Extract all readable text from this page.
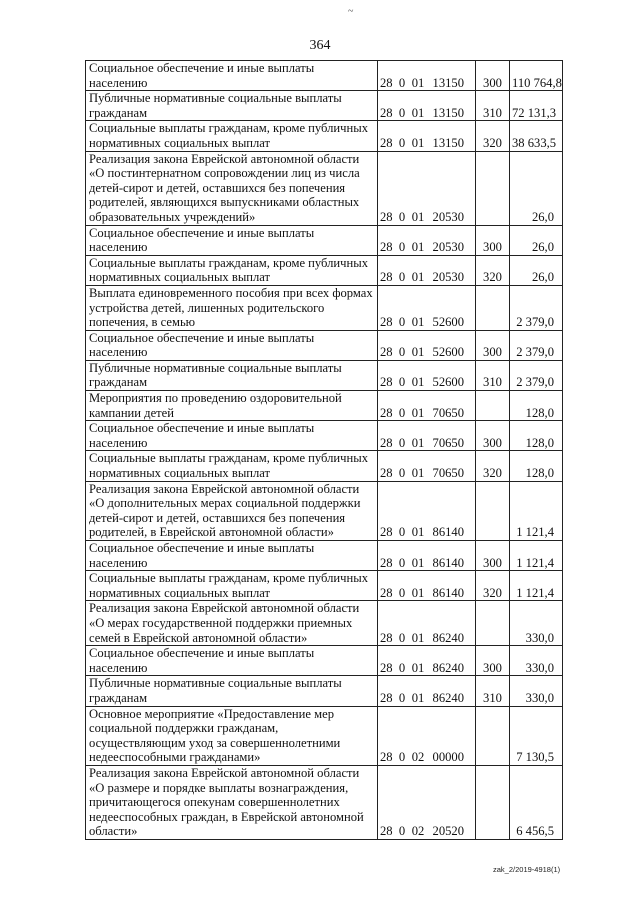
~
364
Социальное обеспечение и иные выплаты населению	28 0 01 13150	300	110 764,8
Публичные нормативные социальные выплаты гражданам	28 0 01 13150	310	72 131,3
Социальные выплаты гражданам, кроме публичных нормативных социальных выплат	28 0 01 13150	320	38 633,5
Реализация закона Еврейской автономной области «О постинтернатном сопровождении лиц из числа детей-сирот и детей, оставшихся без попечения родителей, являющихся выпускниками областных образовательных учреждений»	28 0 01 20530		26,0
Социальное обеспечение и иные выплаты населению	28 0 01 20530	300	26,0
Социальные выплаты гражданам, кроме публичных нормативных социальных выплат	28 0 01 20530	320	26,0
Выплата единовременного пособия при всех формах устройства детей, лишенных родительского попечения, в семью	28 0 01 52600		2 379,0
Социальное обеспечение и иные выплаты населению	28 0 01 52600	300	2 379,0
Публичные нормативные социальные выплаты гражданам	28 0 01 52600	310	2 379,0
Мероприятия по проведению оздоровительной кампании детей	28 0 01 70650		128,0
Социальное обеспечение и иные выплаты населению	28 0 01 70650	300	128,0
Социальные выплаты гражданам, кроме публичных нормативных социальных выплат	28 0 01 70650	320	128,0
Реализация закона Еврейской автономной области «О дополнительных мерах социальной поддержки детей-сирот и детей, оставшихся без попечения родителей, в Еврейской автономной области»	28 0 01 86140		1 121,4
Социальное обеспечение и иные выплаты населению	28 0 01 86140	300	1 121,4
Социальные выплаты гражданам, кроме публичных нормативных социальных выплат	28 0 01 86140	320	1 121,4
Реализация закона Еврейской автономной области «О мерах государственной поддержки приемных семей в Еврейской автономной области»	28 0 01 86240		330,0
Социальное обеспечение и иные выплаты населению	28 0 01 86240	300	330,0
Публичные нормативные социальные выплаты гражданам	28 0 01 86240	310	330,0
Основное мероприятие «Предоставление мер социальной поддержки гражданам, осуществляющим уход за совершеннолетними недееспособными гражданами»	28 0 02 00000		7 130,5
Реализация закона Еврейской автономной области «О размере и порядке выплаты вознаграждения, причитающегося опекунам совершеннолетних недееспособных граждан, в Еврейской автономной области»	28 0 02 20520		6 456,5
zak_2/2019-4918(1)
